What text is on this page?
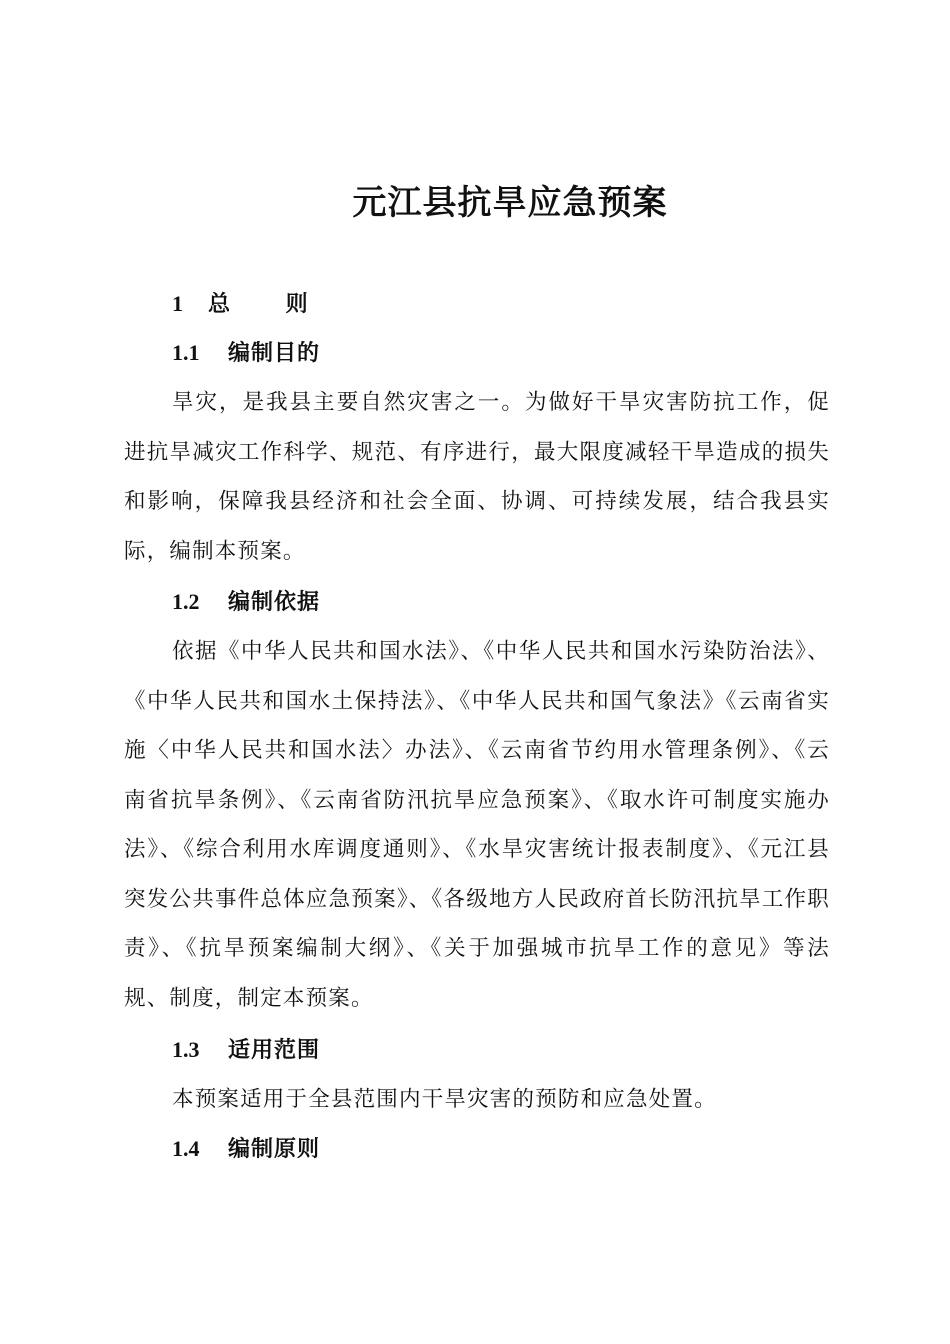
元江县抗旱应急预案
1 总 则
1.1 编制目的

旱灾，是我县主要自然灾害之一。为做好干旱灾害防抗工作，促进抗旱减灾工作科学、规范、有序进行，最大限度减轻干旱造成的损失和影响，保障我县经济和社会全面、协调、可持续发展，结合我县实际，编制本预案。

1.2 编制依据

依据《中华人民共和国水法》、《中华人民共和国水污染防治法》、《中华人民共和国水土保持法》、《中华人民共和国气象法》《云南省实施〈中华人民共和国水法〉办法》、《云南省节约用水管理条例》、《云南省抗旱条例》、《云南省防汛抗旱应急预案》、《取水许可制度实施办法》、《综合利用水库调度通则》、《水旱灾害统计报表制度》、《元江县突发公共事件总体应急预案》、《各级地方人民政府首长防汛抗旱工作职责》、《抗旱预案编制大纲》、《关于加强城市抗旱工作的意见》等法规、制度，制定本预案。

1.3 适用范围

本预案适用于全县范围内干旱灾害的预防和应急处置。

1.4 编制原则
